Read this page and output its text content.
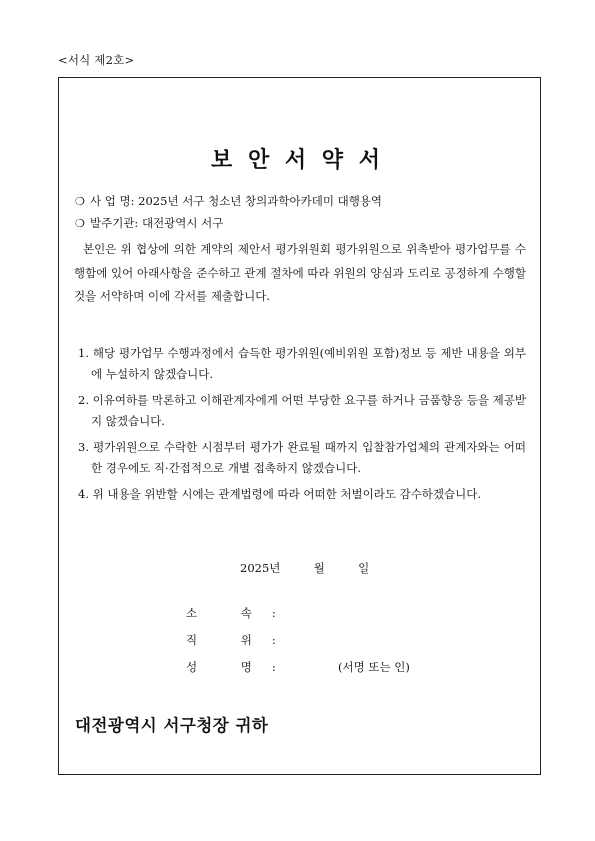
<서식 제2호>
보 안 서 약 서
❍ 사 업 명: 2025년 서구 청소년 창의과학아카데미 대행용역
❍ 발주기관: 대전광역시 서구

본인은 위 협상에 의한 계약의 제안서 평가위원회 평가위원으로 위촉받아 평가업무를 수행함에 있어 아래사항을 준수하고 관계 절차에 따라 위원의 양심과 도리로 공정하게 수행할 것을 서약하며 이에 각서를 제출합니다.

1. 해당 평가업무 수행과정에서 습득한 평가위원(예비위원 포함)정보 등 제반 내용을 외부에 누설하지 않겠습니다.
2. 이유여하를 막론하고 이해관계자에게 어떤 부당한 요구를 하거나 금품향응 등을 제공받지 않겠습니다.
3. 평가위원으로 수락한 시점부터 평가가 완료될 때까지 입찰참가업체의 관계자와는 어떠한 경우에도 직·간접적으로 개별 접촉하지 않겠습니다.
4. 위 내용을 위반할 시에는 관계법령에 따라 어떠한 처벌이라도 감수하겠습니다.
2025년	월	일
소 속:
직 위:
성 명:	(서명 또는 인)
대전광역시 서구청장 귀하
